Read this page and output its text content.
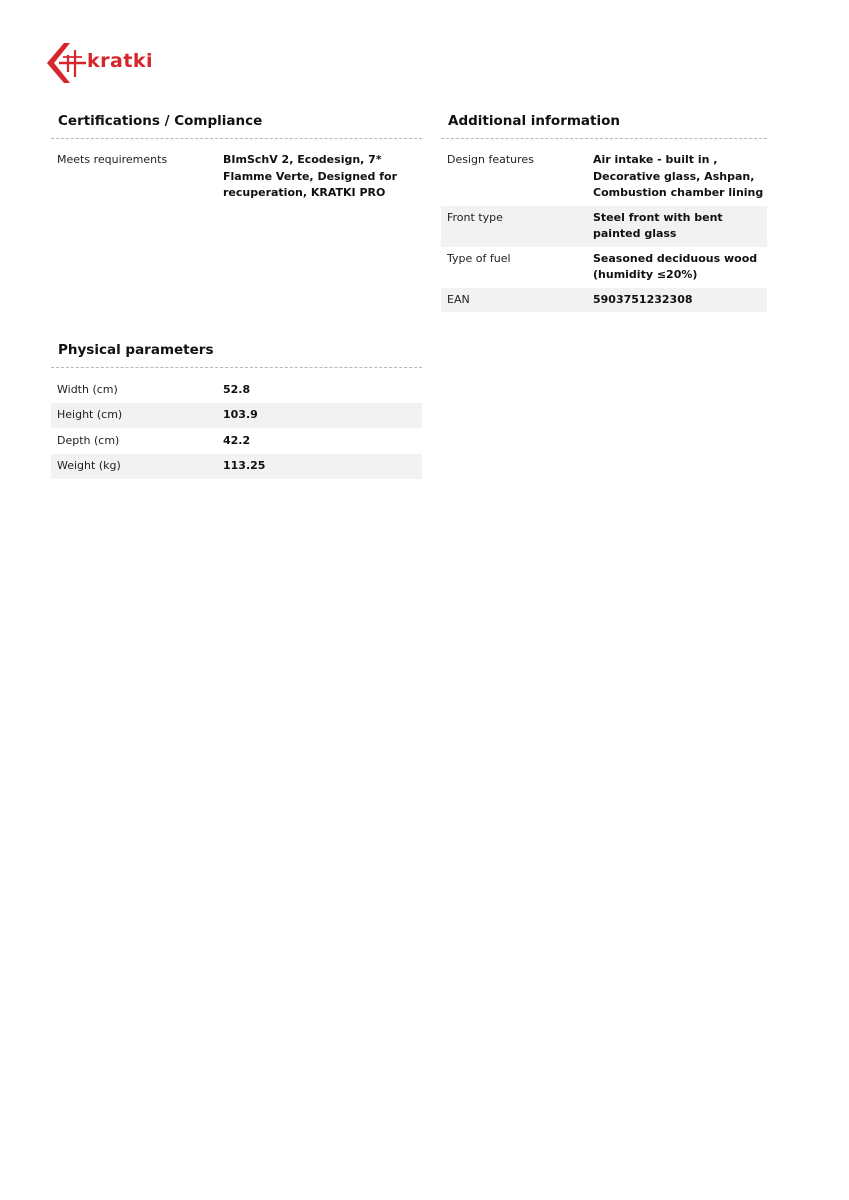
kratki
Certifications / Compliance
Meets requirements	BImSchV 2, Ecodesign, 7* Flamme Verte, Designed for recuperation, KRATKI PRO
Additional information
Design features	Air intake - built in , Decorative glass, Ashpan, Combustion chamber lining
Front type	Steel front with bent painted glass
Type of fuel	Seasoned deciduous wood (humidity ≤20%)
EAN	5903751232308
Physical parameters
Width (cm)	52.8
Height (cm)	103.9
Depth (cm)	42.2
Weight (kg)	113.25
